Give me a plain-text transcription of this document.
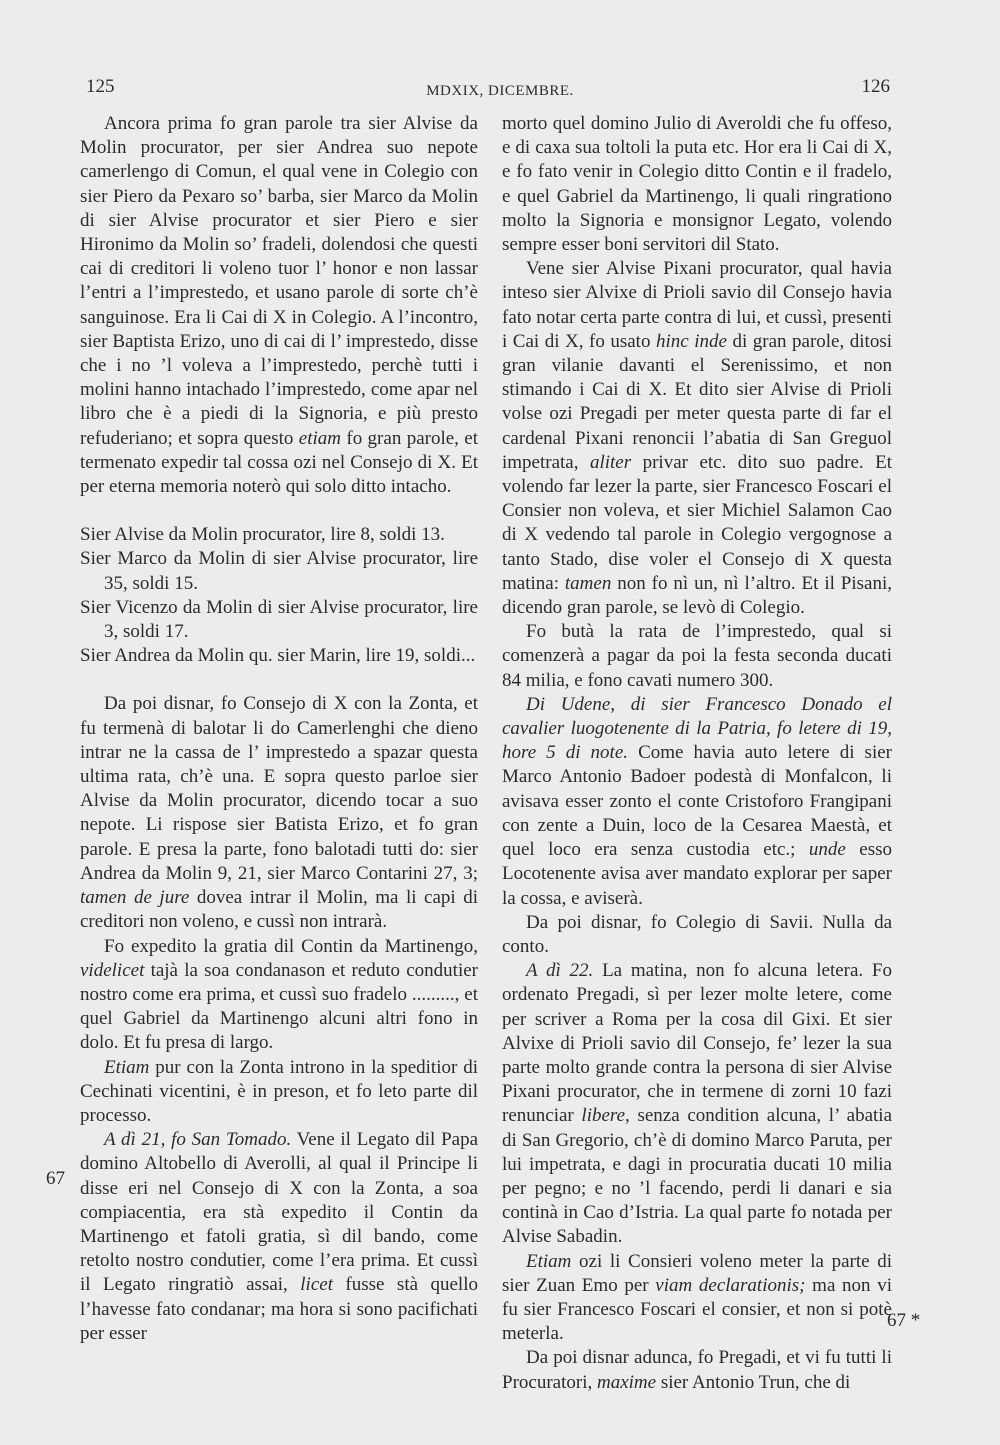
125	MDXIX, DICEMBRE.	126
67
67 *

Ancora prima fo gran parole tra sier Alvise da Molin procurator, per sier Andrea suo nepote camerlengo di Comun, el qual vene in Colegio con sier Piero da Pexaro so’ barba, sier Marco da Molin di sier Alvise procurator et sier Piero e sier Hironimo da Molin so’ fradeli, dolendosi che questi cai di creditori li voleno tuor l’ honor e non lassar l’entri a l’imprestedo, et usano parole di sorte ch’è sanguinose. Era li Cai di X in Colegio. A l’incontro, sier Baptista Erizo, uno di cai di l’ imprestedo, disse che i no ’l voleva a l’imprestedo, perchè tutti i molini hanno intachado l’imprestedo, come apar nel libro che è a piedi di la Signoria, e più presto refuderiano; et sopra questo etiam fo gran parole, et termenato expedir tal cossa ozi nel Consejo di X. Et per eterna memoria noterò qui solo ditto intacho.

Sier Alvise da Molin procurator, lire 8, soldi 13.

Sier Marco da Molin di sier Alvise procurator, lire 35, soldi 15.

Sier Vicenzo da Molin di sier Alvise procurator, lire 3, soldi 17.

Sier Andrea da Molin qu. sier Marin, lire 19, soldi...

Da poi disnar, fo Consejo di X con la Zonta, et fu termenà di balotar li do Camerlenghi che dieno intrar ne la cassa de l’ imprestedo a spazar questa ultima rata, ch’è una. E sopra questo parloe sier Alvise da Molin procurator, dicendo tocar a suo nepote. Li rispose sier Batista Erizo, et fo gran parole. E presa la parte, fono balotadi tutti do: sier Andrea da Molin 9, 21, sier Marco Contarini 27, 3; tamen de jure dovea intrar il Molin, ma li capi di creditori non voleno, e cussì non intrarà.

Fo expedito la gratia dil Contin da Martinengo, videlicet tajà la soa condanason et reduto condutier nostro come era prima, et cussì suo fradelo ........., et quel Gabriel da Martinengo alcuni altri fono in dolo. Et fu presa di largo.

Etiam pur con la Zonta introno in la speditior di Cechinati vicentini, è in preson, et fo leto parte dil processo.

A dì 21, fo San Tomado. Vene il Legato dil Papa domino Altobello di Averolli, al qual il Principe li disse eri nel Consejo di X con la Zonta, a soa compiacentia, era stà expedito il Contin da Martinengo et fatoli gratia, sì dil bando, come retolto nostro condutier, come l’era prima. Et cussì il Legato ringratiò assai, licet fusse stà quello l’havesse fato condanar; ma hora si sono pacifichati per esser

morto quel domino Julio di Averoldi che fu offeso, e di caxa sua toltoli la puta etc. Hor era li Cai di X, e fo fato venir in Colegio ditto Contin e il fradelo, e quel Gabriel da Martinengo, li quali ringrationo molto la Signoria e monsignor Legato, volendo sempre esser boni servitori dil Stato.

Vene sier Alvise Pixani procurator, qual havia inteso sier Alvixe di Prioli savio dil Consejo havia fato notar certa parte contra di lui, et cussì, presenti i Cai di X, fo usato hinc inde di gran parole, ditosi gran vilanie davanti el Serenissimo, et non stimando i Cai di X. Et dito sier Alvise di Prioli volse ozi Pregadi per meter questa parte di far el cardenal Pixani renoncii l’abatia di San Greguol impetrata, aliter privar etc. dito suo padre. Et volendo far lezer la parte, sier Francesco Foscari el Consier non voleva, et sier Michiel Salamon Cao di X vedendo tal parole in Colegio vergognose a tanto Stado, dise voler el Consejo di X questa matina: tamen non fo nì un, nì l’altro. Et il Pisani, dicendo gran parole, se levò di Colegio.

Fo butà la rata de l’imprestedo, qual si comenzerà a pagar da poi la festa seconda ducati 84 milia, e fono cavati numero 300.

Di Udene, di sier Francesco Donado el cavalier luogotenente di la Patria, fo letere di 19, hore 5 di note. Come havia auto letere di sier Marco Antonio Badoer podestà di Monfalcon, li avisava esser zonto el conte Cristoforo Frangipani con zente a Duin, loco de la Cesarea Maestà, et quel loco era senza custodia etc.; unde esso Locotenente avisa aver mandato explorar per saper la cossa, e aviserà.

Da poi disnar, fo Colegio di Savii. Nulla da conto.

A dì 22. La matina, non fo alcuna letera. Fo ordenato Pregadi, sì per lezer molte letere, come per scriver a Roma per la cosa dil Gixi. Et sier Alvixe di Prioli savio dil Consejo, fe’ lezer la sua parte molto grande contra la persona di sier Alvise Pixani procurator, che in termene di zorni 10 fazi renunciar libere, senza condition alcuna, l’ abatia di San Gregorio, ch’è di domino Marco Paruta, per lui impetrata, e dagi in procuratia ducati 10 milia per pegno; e no ’l facendo, perdi li danari e sia continà in Cao d’Istria. La qual parte fo notada per Alvise Sabadin.

Etiam ozi li Consieri voleno meter la parte di sier Zuan Emo per viam declarationis; ma non vi fu sier Francesco Foscari el consier, et non si potè meterla.

Da poi disnar adunca, fo Pregadi, et vi fu tutti li Procuratori, maxime sier Antonio Trun, che di
